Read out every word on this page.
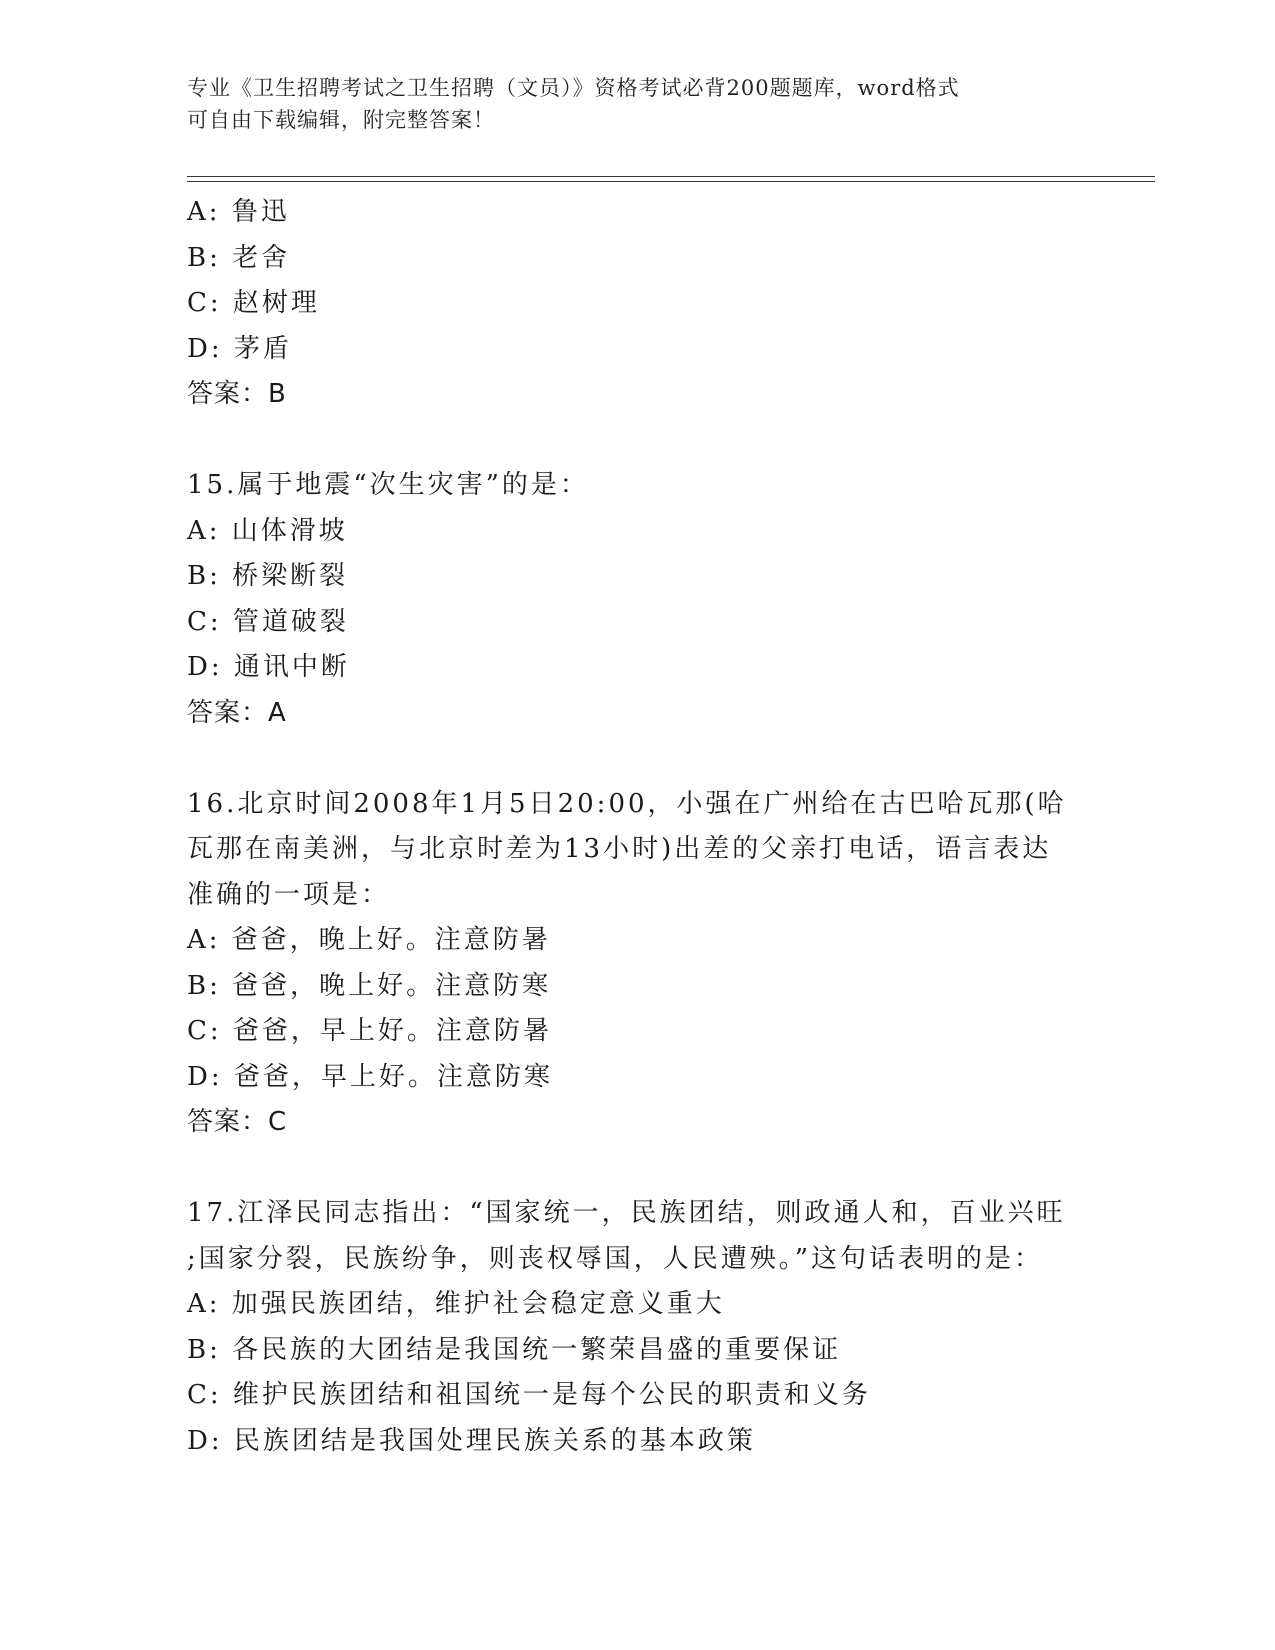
专业《卫生招聘考试之卫生招聘（文员）》资格考试必背200题题库，word格式
可自由下载编辑，附完整答案！
A: 鲁迅
B: 老舍
C: 赵树理
D: 茅盾
答案：B
15.属于地震“次生灾害”的是：
A: 山体滑坡
B: 桥梁断裂
C: 管道破裂
D: 通讯中断
答案：A
16.北京时间2008年1月5日20:00，小强在广州给在古巴哈瓦那(哈
瓦那在南美洲，与北京时差为13小时)出差的父亲打电话，语言表达
准确的一项是：
A: 爸爸，晚上好。注意防暑
B: 爸爸，晚上好。注意防寒
C: 爸爸，早上好。注意防暑
D: 爸爸，早上好。注意防寒
答案：C
17.江泽民同志指出：“国家统一，民族团结，则政通人和，百业兴旺
;国家分裂，民族纷争，则丧权辱国，人民遭殃。”这句话表明的是：
A: 加强民族团结，维护社会稳定意义重大
B: 各民族的大团结是我国统一繁荣昌盛的重要保证
C: 维护民族团结和祖国统一是每个公民的职责和义务
D: 民族团结是我国处理民族关系的基本政策
